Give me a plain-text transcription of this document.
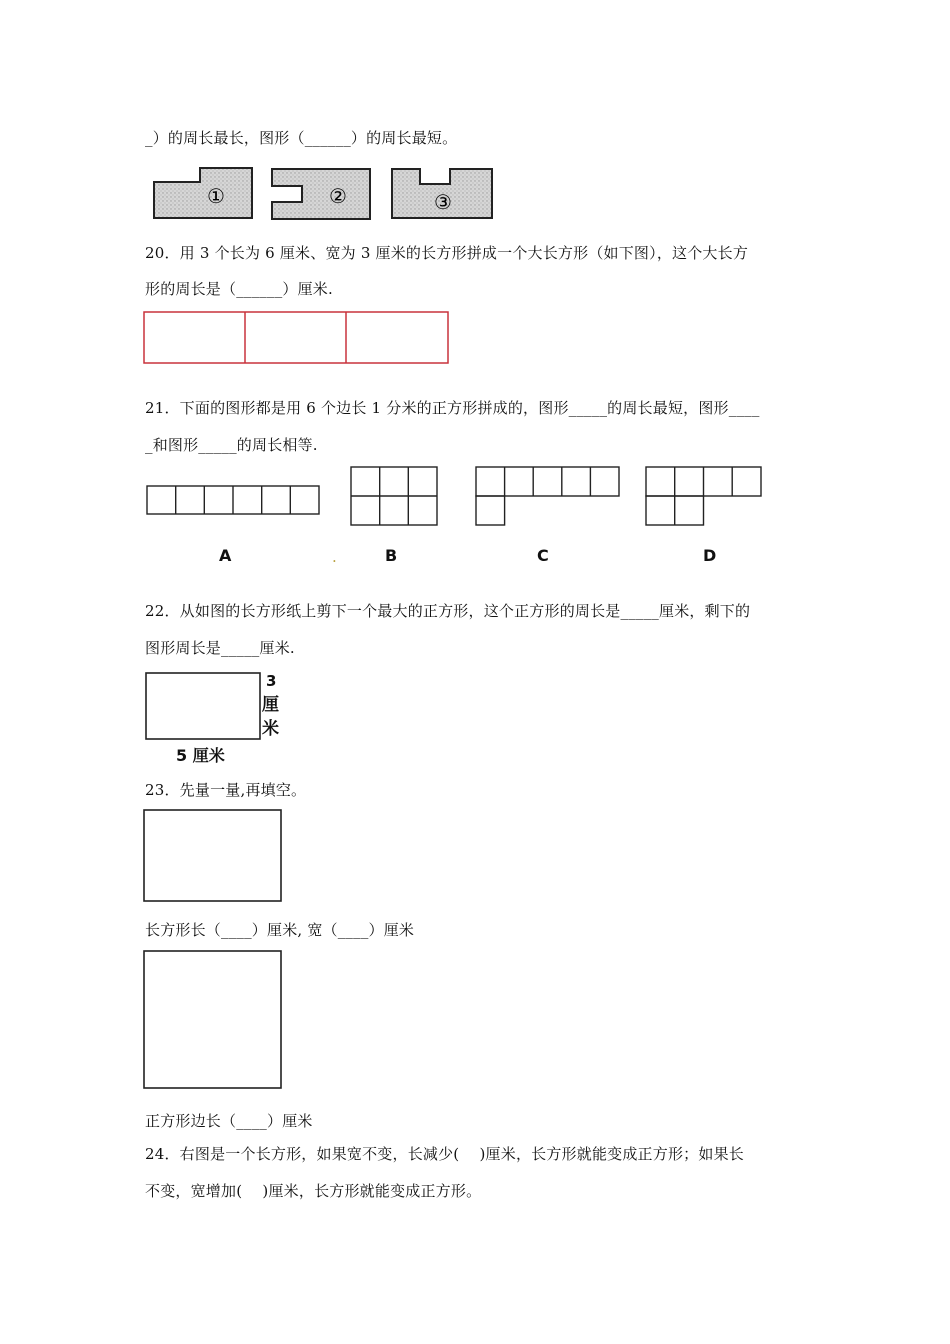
_）的周长最长，图形（______）的周长最短。
①	②	③
20．用 3 个长为 6 厘米、宽为 3 厘米的长方形拼成一个大长方形（如下图），这个大长方
形的周长是（______）厘米.
21．下面的图形都是用 6 个边长 1 分米的正方形拼成的，图形_____的周长最短，图形____
_和图形_____的周长相等.
A	.	B	C	D
22．从如图的长方形纸上剪下一个最大的正方形，这个正方形的周长是_____厘米，剩下的
图形周长是_____厘米.
3
厘
米
5 厘米
23．先量一量,再填空。
长方形长（____）厘米, 宽（____）厘米
正方形边长（____）厘米
24．右图是一个长方形，如果宽不变，长减少(　 )厘米，长方形就能变成正方形；如果长
不变，宽增加(　 )厘米，长方形就能变成正方形。
